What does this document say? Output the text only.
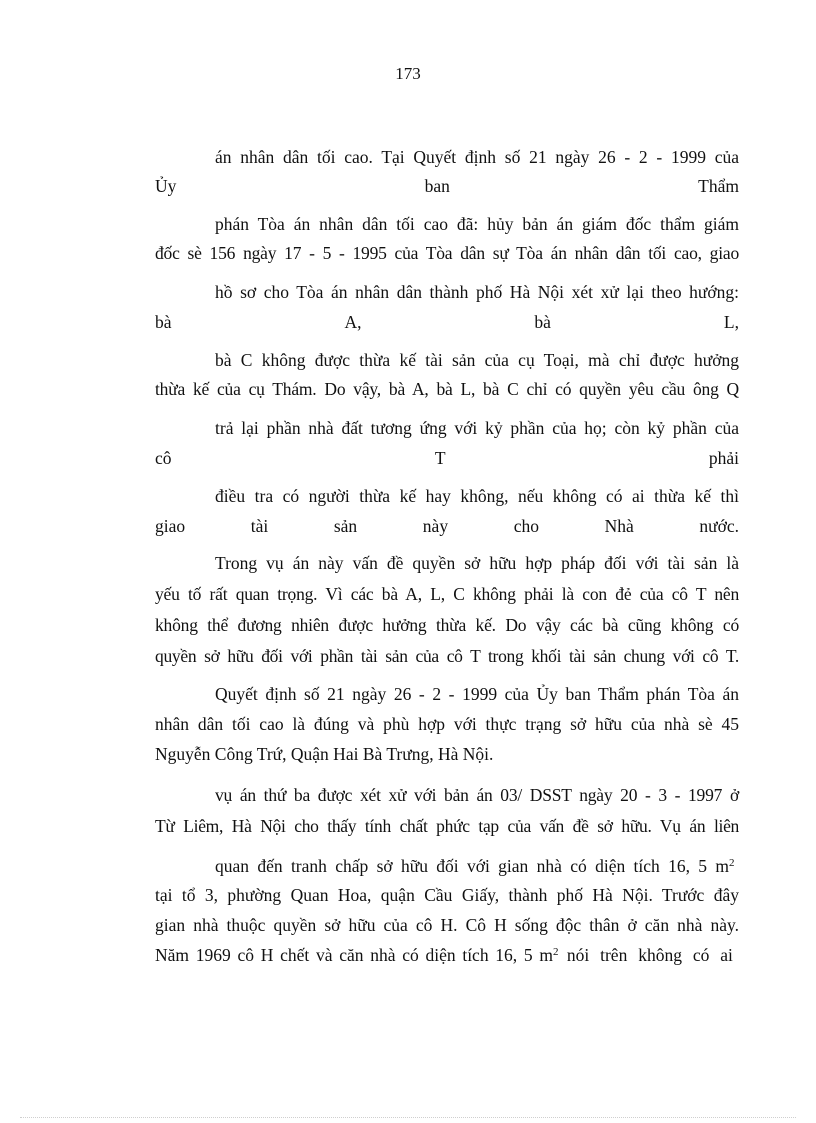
173
án nhân dân tối cao. Tại Quyết định số 21 ngày 26 - 2 - 1999 của
Ủy	ban	Thẩm
phán Tòa án nhân dân tối cao đã: hủy bản án giám đốc thẩm giám
đốc sè 156 ngày 17 - 5 - 1995 của Tòa dân sự Tòa án nhân dân tối cao, giao
hồ sơ cho Tòa án nhân dân thành phố Hà Nội xét xử lại theo hướng:
bà	A,	bà	L,
bà C không được thừa kế tài sản của cụ Toại, mà chỉ được hưởng
thừa kế của cụ Thám. Do vậy, bà A, bà L, bà C chỉ có quyền yêu cầu ông Q
trả lại phần nhà đất tương ứng với kỷ phần của họ; còn kỷ phần của
cô	T	phải
điều tra có người thừa kế hay không, nếu không có ai thừa kế thì
giao	tài	sản	này	cho	Nhà	nước.
Trong vụ án này vấn đề quyền sở hữu hợp pháp đối với tài sản là
yếu tố rất quan trọng. Vì các bà A, L, C không phải là con đẻ của cô T nên
không thể đương nhiên được hưởng thừa kế. Do vậy các bà cũng không có
quyền sở hữu đối với phần tài sản của cô T trong khối tài sản chung với cô T.
Quyết định số 21 ngày 26 - 2 - 1999 của Ủy ban Thẩm phán Tòa án
nhân dân tối cao là đúng và phù hợp với thực trạng sở hữu của nhà sè 45
Nguyễn Công Trứ, Quận Hai Bà Trưng, Hà Nội.
vụ án thứ ba được xét xử với bản án 03/ DSST ngày 20 - 3 - 1997 ở
Từ Liêm, Hà Nội cho thấy tính chất phức tạp của vấn đề sở hữu. Vụ án liên
quan đến tranh chấp sở hữu đối với gian nhà có diện tích 16, 5 $m^2$
tại tổ 3, phường Quan Hoa, quận Cầu Giấy, thành phố Hà Nội. Trước đây
gian nhà thuộc quyền sở hữu của cô H. Cô H sống độc thân ở căn nhà này.
Năm 1969 cô H chết và căn nhà có diện tích 16, 5 $m^2$ nói trên không có ai
